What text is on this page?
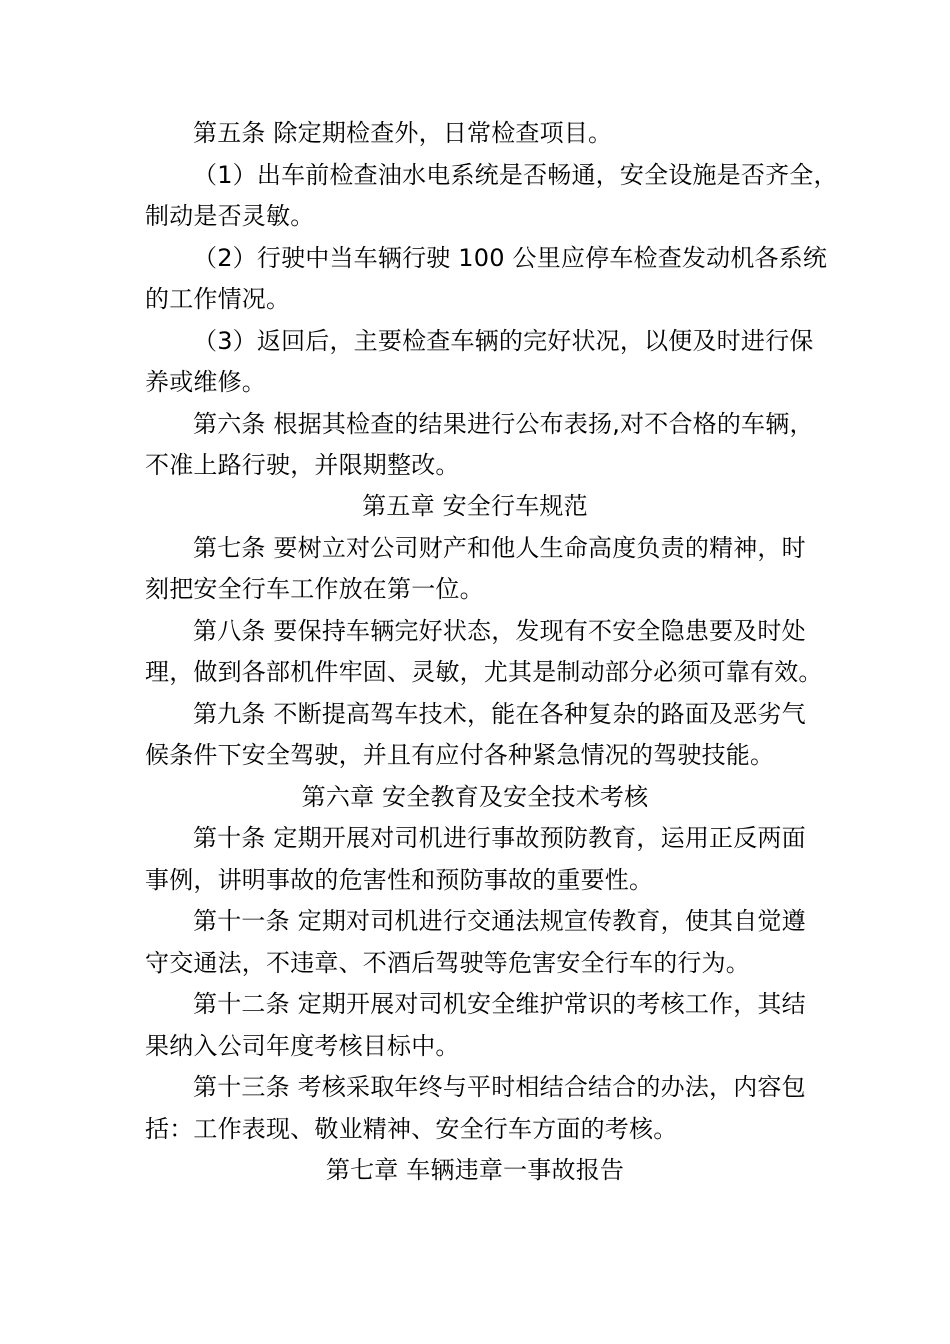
第五条 除定期检查外，日常检查项目。
（1）出车前检查油水电系统是否畅通，安全设施是否齐全，
制动是否灵敏。
（2）行驶中当车辆行驶 100 公里应停车检查发动机各系统
的工作情况。
（3）返回后，主要检查车辆的完好状况，以便及时进行保
养或维修。
第六条 根据其检查的结果进行公布表扬,对不合格的车辆，
不准上路行驶，并限期整改。
第五章 安全行车规范
第七条 要树立对公司财产和他人生命高度负责的精神，时
刻把安全行车工作放在第一位。
第八条 要保持车辆完好状态，发现有不安全隐患要及时处
理，做到各部机件牢固、灵敏，尤其是制动部分必须可靠有效。
第九条 不断提高驾车技术，能在各种复杂的路面及恶劣气
候条件下安全驾驶，并且有应付各种紧急情况的驾驶技能。
第六章 安全教育及安全技术考核
第十条 定期开展对司机进行事故预防教育，运用正反两面
事例，讲明事故的危害性和预防事故的重要性。
第十一条 定期对司机进行交通法规宣传教育，使其自觉遵
守交通法，不违章、不酒后驾驶等危害安全行车的行为。
第十二条 定期开展对司机安全维护常识的考核工作，其结
果纳入公司年度考核目标中。
第十三条 考核采取年终与平时相结合结合的办法，内容包
括：工作表现、敬业精神、安全行车方面的考核。
第七章 车辆违章一事故报告
